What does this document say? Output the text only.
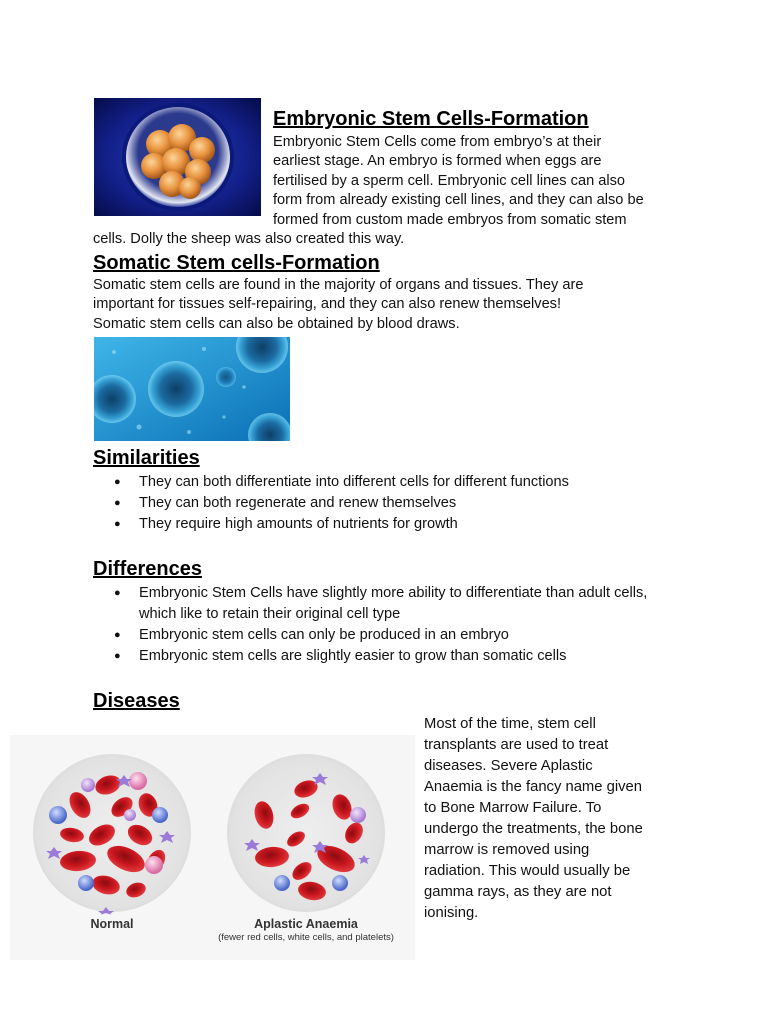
Embryonic Stem Cells-Formation

Embryonic Stem Cells come from embryo’s at their

earliest stage. An embryo is formed when eggs are

fertilised by a sperm cell. Embryonic cell lines can also

form from already existing cell lines, and they can also be

formed from custom made embryos from somatic stem

cells. Dolly the sheep was also created this way.

Somatic Stem cells-Formation

Somatic stem cells are found in the majority of organs and tissues. They are

important for tissues self-repairing, and they can also renew themselves!

Somatic stem cells can also be obtained by blood draws.

Similarities
● They can both differentiate into different cells for different functions
● They can both regenerate and renew themselves
● They require high amounts of nutrients for growth
Differences
● Embryonic Stem Cells have slightly more ability to differentiate than adult cells, which like to retain their original cell type
● Embryonic stem cells can only be produced in an embryo
● Embryonic stem cells are slightly easier to grow than somatic cells
Diseases

Most of the time, stem cell

transplants are used to treat

diseases. Severe Aplastic

Anaemia is the fancy name given

to Bone Marrow Failure. To

undergo the treatments, the bone

marrow is removed using

radiation. This would usually be

gamma rays, as they are not

ionising.

Normal	Aplastic Anaemia
(fewer red cells, white cells, and platelets)
